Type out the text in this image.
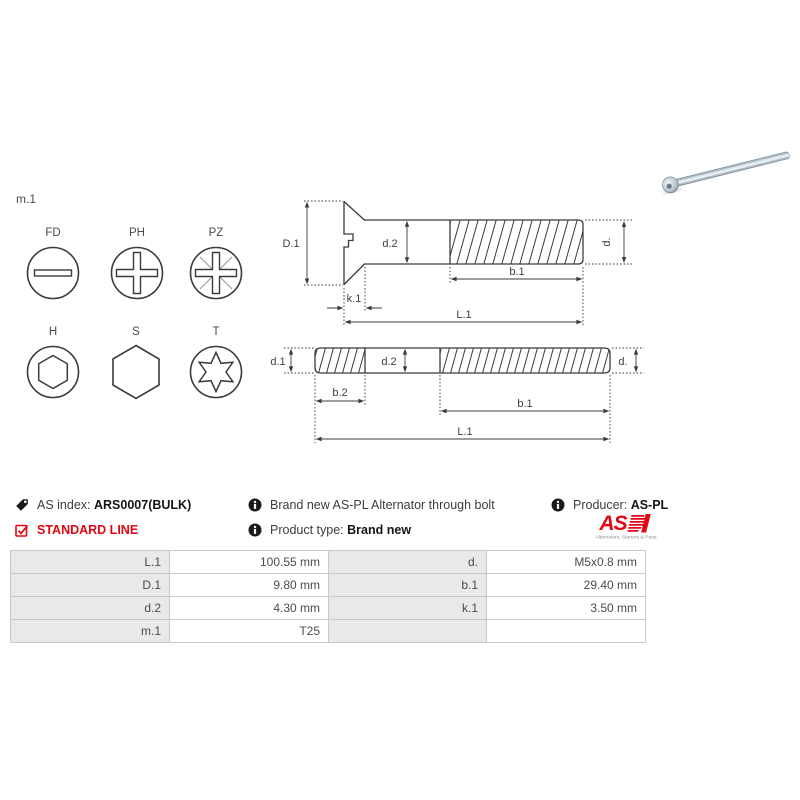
m.1
FD	PH	PZ
H	S	T
D.1	d.2	d.
b.1
k.1
L.1
d.1	d.2	d.
b.2
b.1
L.1
AS index: ARS0007(BULK)
STANDARD LINE
Brand new AS-PL Alternator through bolt
Product type: Brand new
Producer: AS-PL
AS
Alternators, Starters & Parts
L.1	100.55 mm	d.	M5x0.8 mm
D.1	9.80 mm	b.1	29.40 mm
d.2	4.30 mm	k.1	3.50 mm
m.1	T25		
